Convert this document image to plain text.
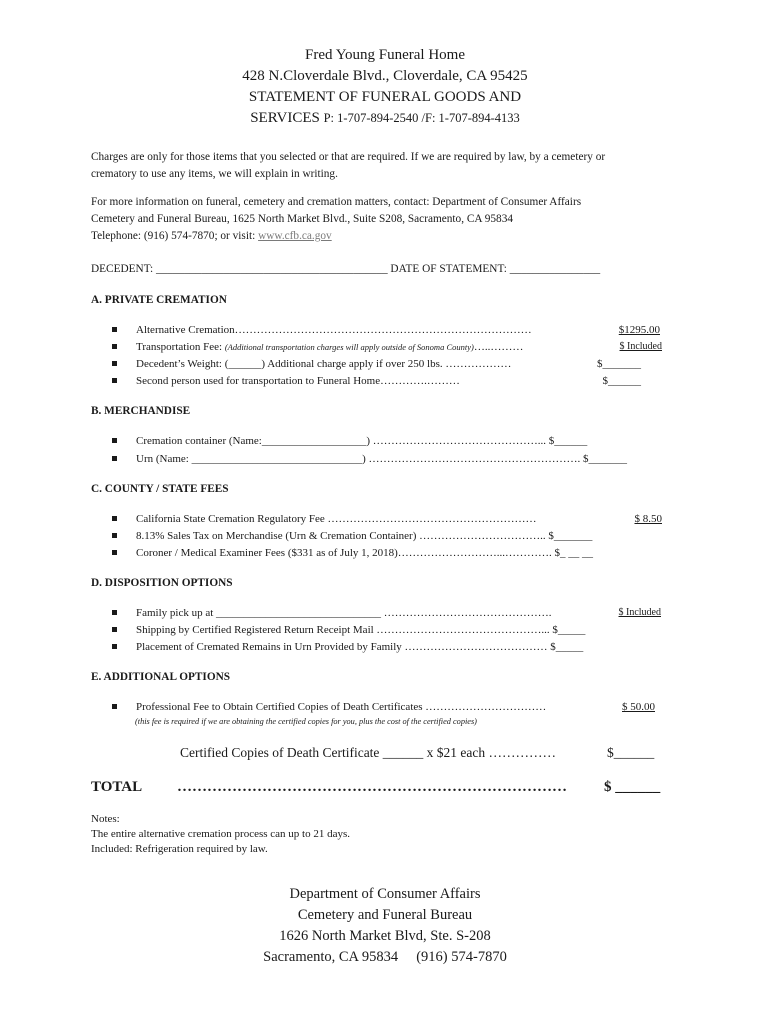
Fred Young Funeral Home
428 N.Cloverdale Blvd., Cloverdale, CA 95425
STATEMENT OF FUNERAL GOODS AND
SERVICES P: 1-707-894-2540 /F: 1-707-894-4133
Charges are only for those items that you selected or that are required. If we are required by law, by a cemetery or
crematory to use any items, we will explain in writing.
For more information on funeral, cemetery and cremation matters, contact: Department of Consumer Affairs
Cemetery and Funeral Bureau, 1625 North Market Blvd., Suite S208, Sacramento, CA 95834
Telephone: (916) 574-7870; or visit: www.cfb.ca.gov
DECEDENT: _________________________________________ DATE OF STATEMENT: ________________
A. PRIVATE CREMATION
Alternative Cremation………………………………………………………………………	$1295.00
Transportation Fee: (Additional transportation charges will apply outside of Sonoma County)…..………	$ Included
Decedent’s Weight: (______) Additional charge apply if over 250 lbs. ………………	$_______
Second person used for transportation to Funeral Home………….………	$______
B. MERCHANDISE
Cremation container (Name:___________________) ………………………………………... $______
Urn (Name: _______________________________) …………………………………………………. $_______
C. COUNTY / STATE FEES
California State Cremation Regulatory Fee …………………………………………………	$ 8.50
8.13% Sales Tax on Merchandise (Urn & Cremation Container) …………………………….. $_______
Coroner / Medical Examiner Fees ($331 as of July 1, 2018)………………………...…………. $_ __ __
D. DISPOSITION OPTIONS
Family pick up at ______________________________ ……………………………………….	$ Included
Shipping by Certified Registered Return Receipt Mail ………………………………………... $_____
Placement of Cremated Remains in Urn Provided by Family ………………………………… $_____
E. ADDITIONAL OPTIONS
Professional Fee to Obtain Certified Copies of Death Certificates ……………………………	$ 50.00
(this fee is required if we are obtaining the certified copies for you, plus the cost of the certified copies)
Certified Copies of Death Certificate ______ x $21 each ……………	$______
TOTAL …………………………………………………………………… $ ______
Notes:
The entire alternative cremation process can up to 21 days.
Included: Refrigeration required by law.
Department of Consumer Affairs
Cemetery and Funeral Bureau
1626 North Market Blvd, Ste. S-208
Sacramento, CA 95834     (916) 574-7870
